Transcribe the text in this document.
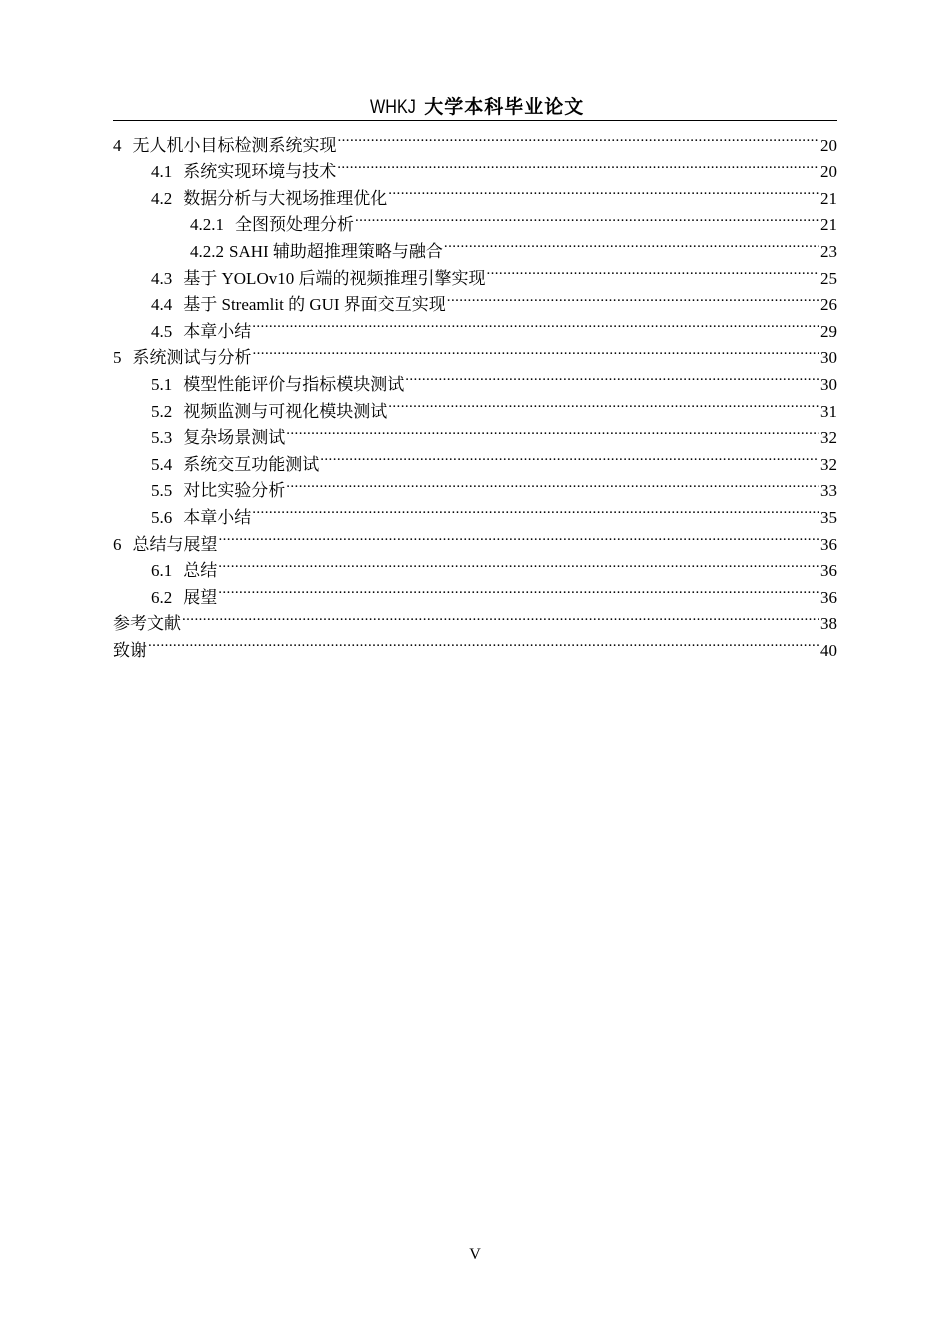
WHKJ 大学本科毕业论文
4 无人机小目标检测系统实现 .....	20
4.1 系统实现环境与技术 .....	20
4.2 数据分析与大视场推理优化 .....	21
4.2.1 全图预处理分析 .....	21
4.2.2 SAHI 辅助超推理策略与融合 .....	23
4.3 基于 YOLOv10 后端的视频推理引擎实现 .....	25
4.4 基于 Streamlit 的 GUI 界面交互实现 .....	26
4.5 本章小结 .....	29
5 系统测试与分析 .....	30
5.1 模型性能评价与指标模块测试 .....	30
5.2 视频监测与可视化模块测试 .....	31
5.3 复杂场景测试 .....	32
5.4 系统交互功能测试 .....	32
5.5 对比实验分析 .....	33
5.6 本章小结 .....	35
6 总结与展望 .....	36
6.1 总结 .....	36
6.2 展望 .....	36
参考文献 .....	38
致谢 .....	40
V
